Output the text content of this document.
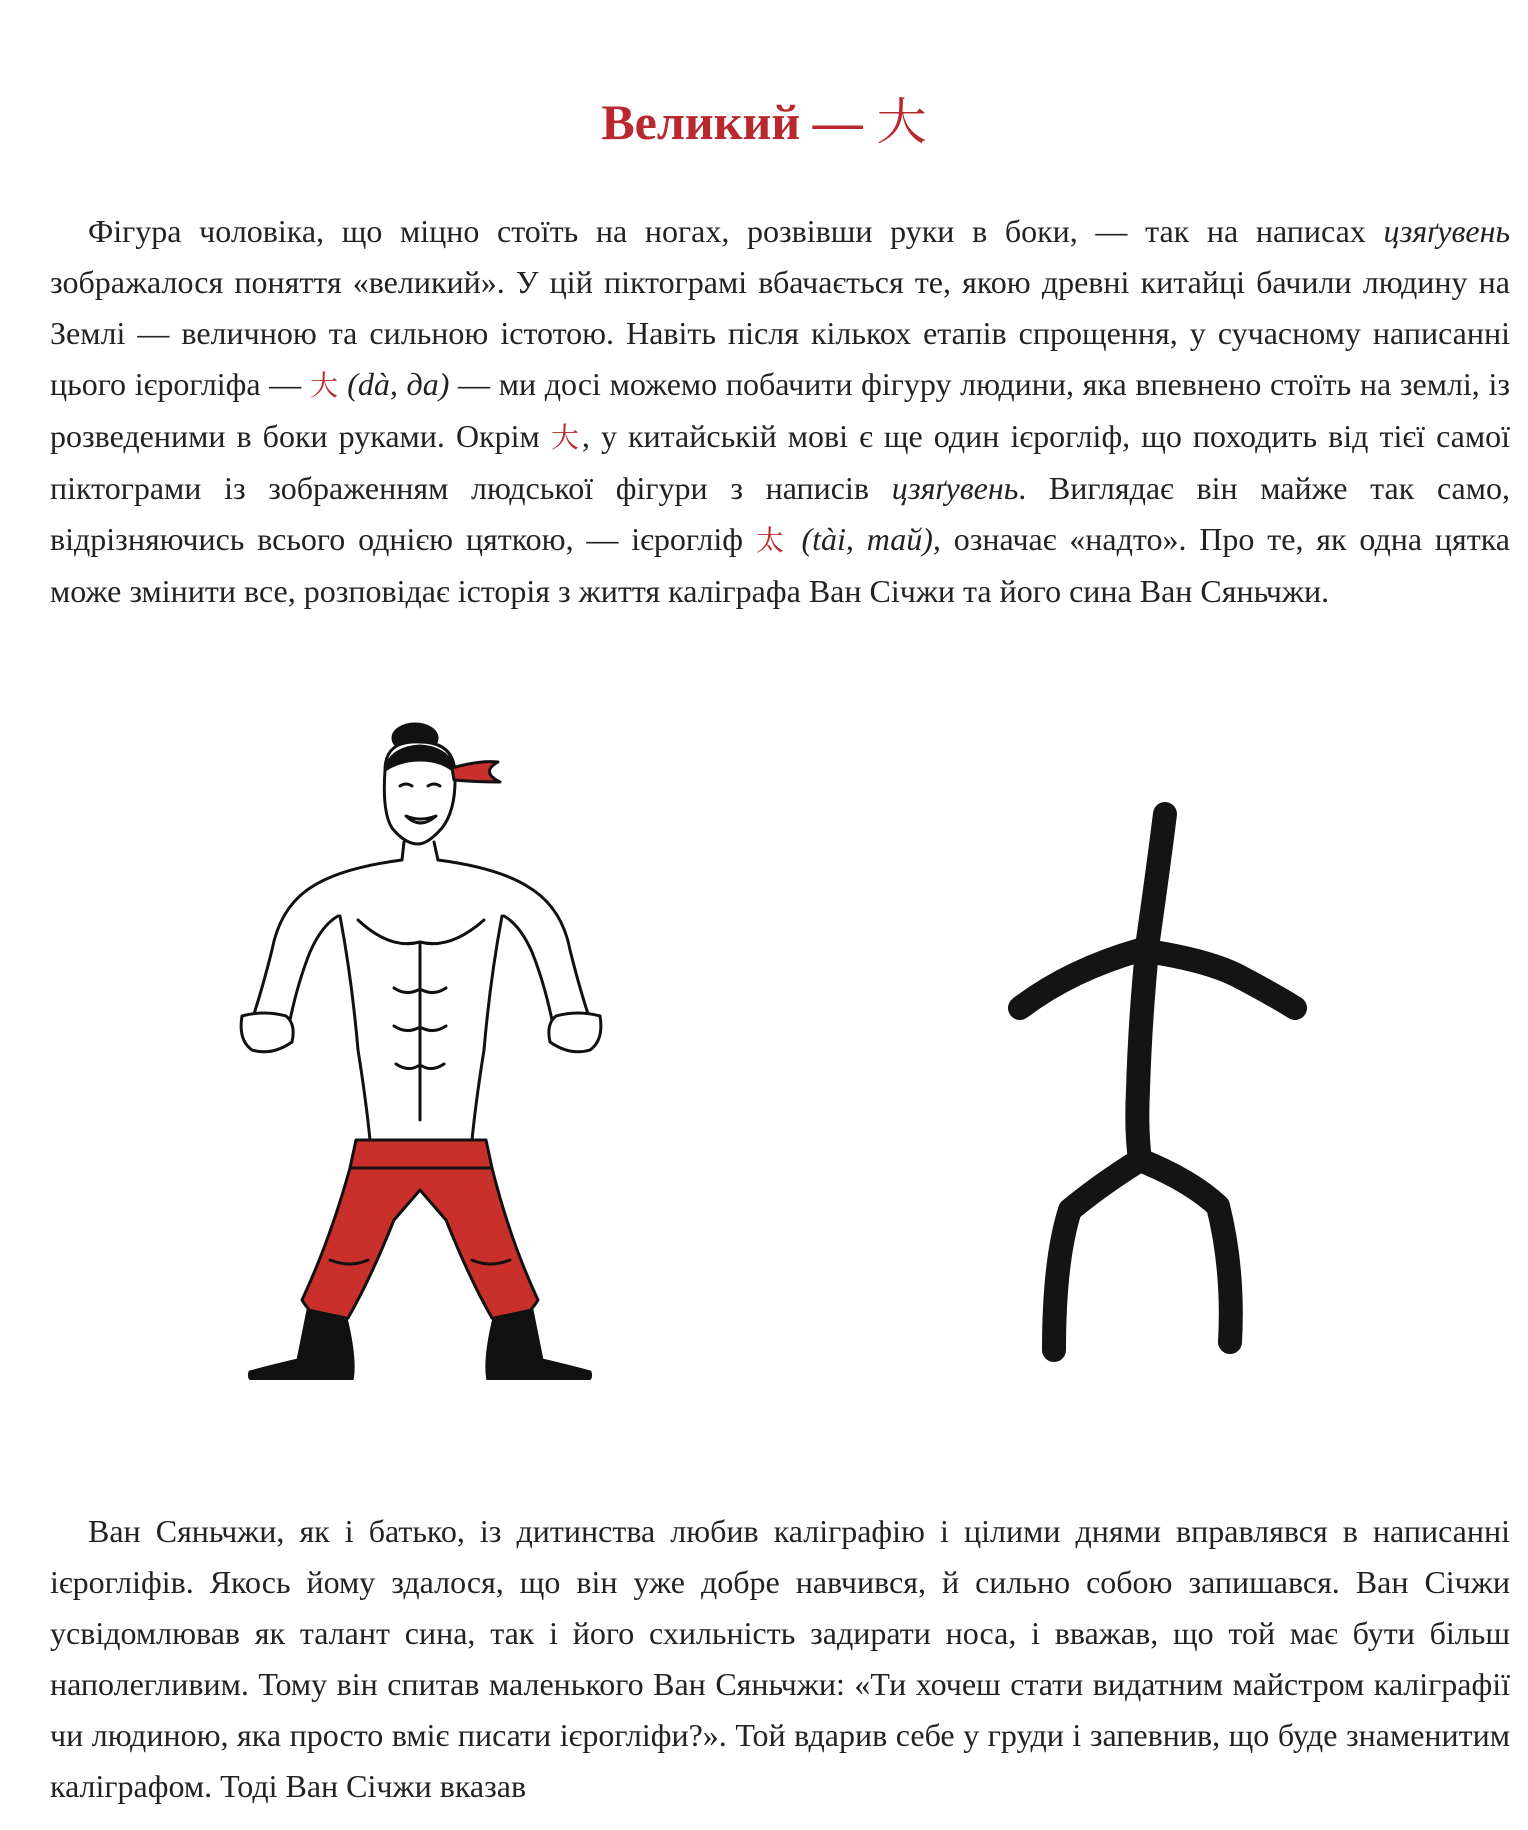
Великий — 大

Фігура чоловіка, що міцно стоїть на ногах, розвівши руки в боки, — так на написах цзяґувень зображалося поняття «великий». У цій піктограмі вбачається те, якою древні китайці бачили людину на Землі — величною та сильною істотою. Навіть після кількох етапів спрощення, у сучасному написанні цього ієрогліфа — 大 (dà, да) — ми досі можемо побачити фігуру людини, яка впевнено стоїть на землі, із розведеними в боки руками. Окрім 大, у китайській мові є ще один ієрогліф, що походить від тієї самої піктограми із зображенням людської фігури з написів цзяґувень. Виглядає він майже так само, відрізняючись всього однією цяткою, — ієрогліф 太 (tài, тай), означає «надто». Про те, як одна цятка може змінити все, розповідає історія з життя каліграфа Ван Січжи та його сина Ван Сяньчжи.

Ван Сяньчжи, як і батько, із дитинства любив каліграфію і цілими днями вправлявся в написанні ієрогліфів. Якось йому здалося, що він уже добре навчився, й сильно собою запишався. Ван Січжи усвідомлював як талант сина, так і його схильність задирати носа, і вважав, що той має бути більш наполегливим. Тому він спитав маленького Ван Сяньчжи: «Ти хочеш стати видатним майстром каліграфії чи людиною, яка просто вміє писати ієрогліфи?». Той вдарив себе у груди і запевнив, що буде знаменитим каліграфом. Тоді Ван Січжи вказав
